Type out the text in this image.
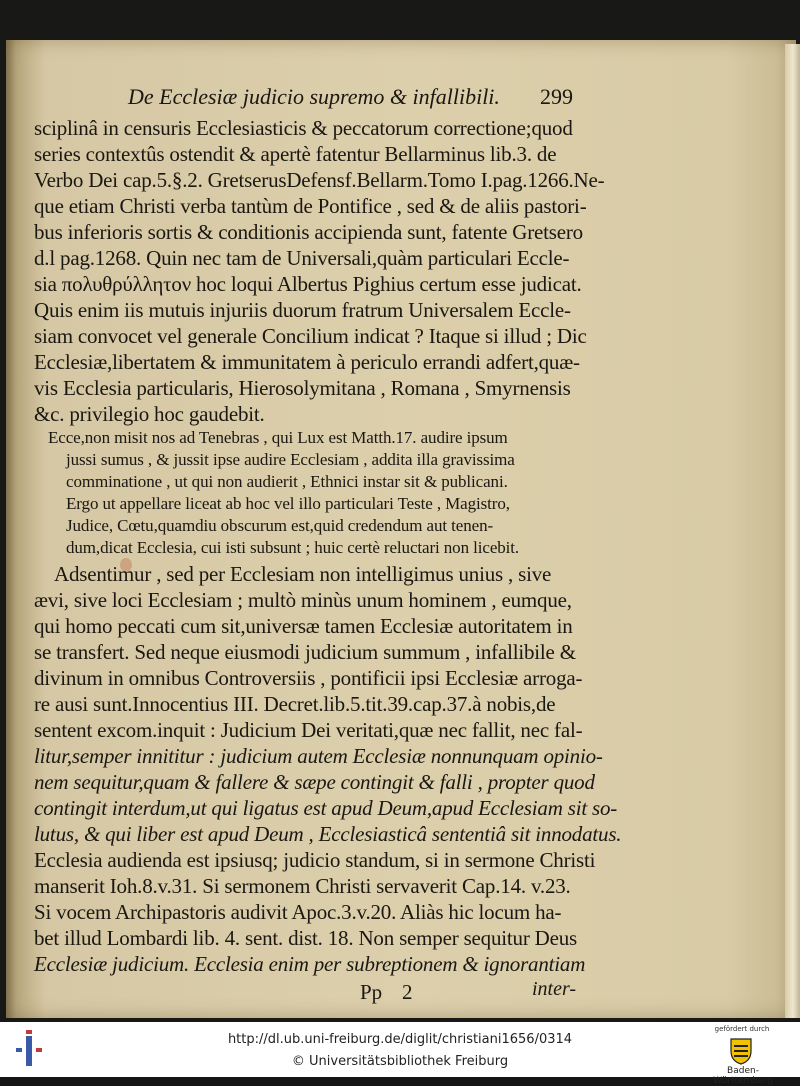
De Ecclesiæ judicio supremo & infallibili. 299
sciplinâ in censuris Ecclesiasticis & peccatorum correctione;quod
series contextûs ostendit & apertè fatentur Bellarminus lib.3. de
Verbo Dei cap.5.§.2. GretserusDefensf.Bellarm.Tomo I.pag.1266.Ne-
que etiam Christi verba tantùm de Pontifice , sed & de aliis pastori-
bus inferioris sortis & conditionis accipienda sunt, fatente Gretsero
d.l pag.1268. Quin nec tam de Universali,quàm particulari Eccle-
sia πολυθρύλλητον hoc loqui Albertus Pighius certum esse judicat.
Quis enim iis mutuis injuriis duorum fratrum Universalem Eccle-
siam convocet vel generale Concilium indicat ? Itaque si illud ; Dic
Ecclesiæ,libertatem & immunitatem à periculo errandi adfert,quæ-
vis Ecclesia particularis, Hierosolymitana , Romana , Smyrnensis
&c. privilegio hoc gaudebit.
Ecce,non misit nos ad Tenebras , qui Lux est Matth.17. audire ipsum
jussi sumus , & jussit ipse audire Ecclesiam , addita illa gravissima
comminatione , ut qui non audierit , Ethnici instar sit & publicani.
Ergo ut appellare liceat ab hoc vel illo particulari Teste , Magistro,
Judice, Cœtu,quamdiu obscurum est,quid credendum aut tenen-
dum,dicat Ecclesia, cui isti subsunt ; huic certè reluctari non licebit.
Adsentimur , sed per Ecclesiam non intelligimus unius , sive
ævi, sive loci Ecclesiam ; multò minùs unum hominem , eumque,
qui homo peccati cum sit,universæ tamen Ecclesiæ autoritatem in
se transfert. Sed neque eiusmodi judicium summum , infallibile &
divinum in omnibus Controversiis , pontificii ipsi Ecclesiæ arroga-
re ausi sunt.Innocentius III. Decret.lib.5.tit.39.cap.37.à nobis,de
sentent excom.inquit : Judicium Dei veritati,quæ nec fallit, nec fal-
litur,semper innititur : judicium autem Ecclesiæ nonnunquam opinio-
nem sequitur,quam & fallere & sæpe contingit & falli , propter quod
contingit interdum,ut qui ligatus est apud Deum,apud Ecclesiam sit so-
lutus, & qui liber est apud Deum , Ecclesiasticâ sententiâ sit innodatus.
Ecclesia audienda est ipsiusq; judicio standum, si in sermone Christi
manserit Ioh.8.v.31. Si sermonem Christi servaverit Cap.14. v.23.
Si vocem Archipastoris audivit Apoc.3.v.20. Aliàs hic locum ha-
bet illud Lombardi lib. 4. sent. dist. 18. Non semper sequitur Deus
Ecclesiæ judicium. Ecclesia enim per subreptionem & ignorantiam
Pp 2	inter-
http://dl.ub.uni-freiburg.de/diglit/christiani1656/0314
© Universitätsbibliothek Freiburg
gefördert durch
Baden-Württemberg
